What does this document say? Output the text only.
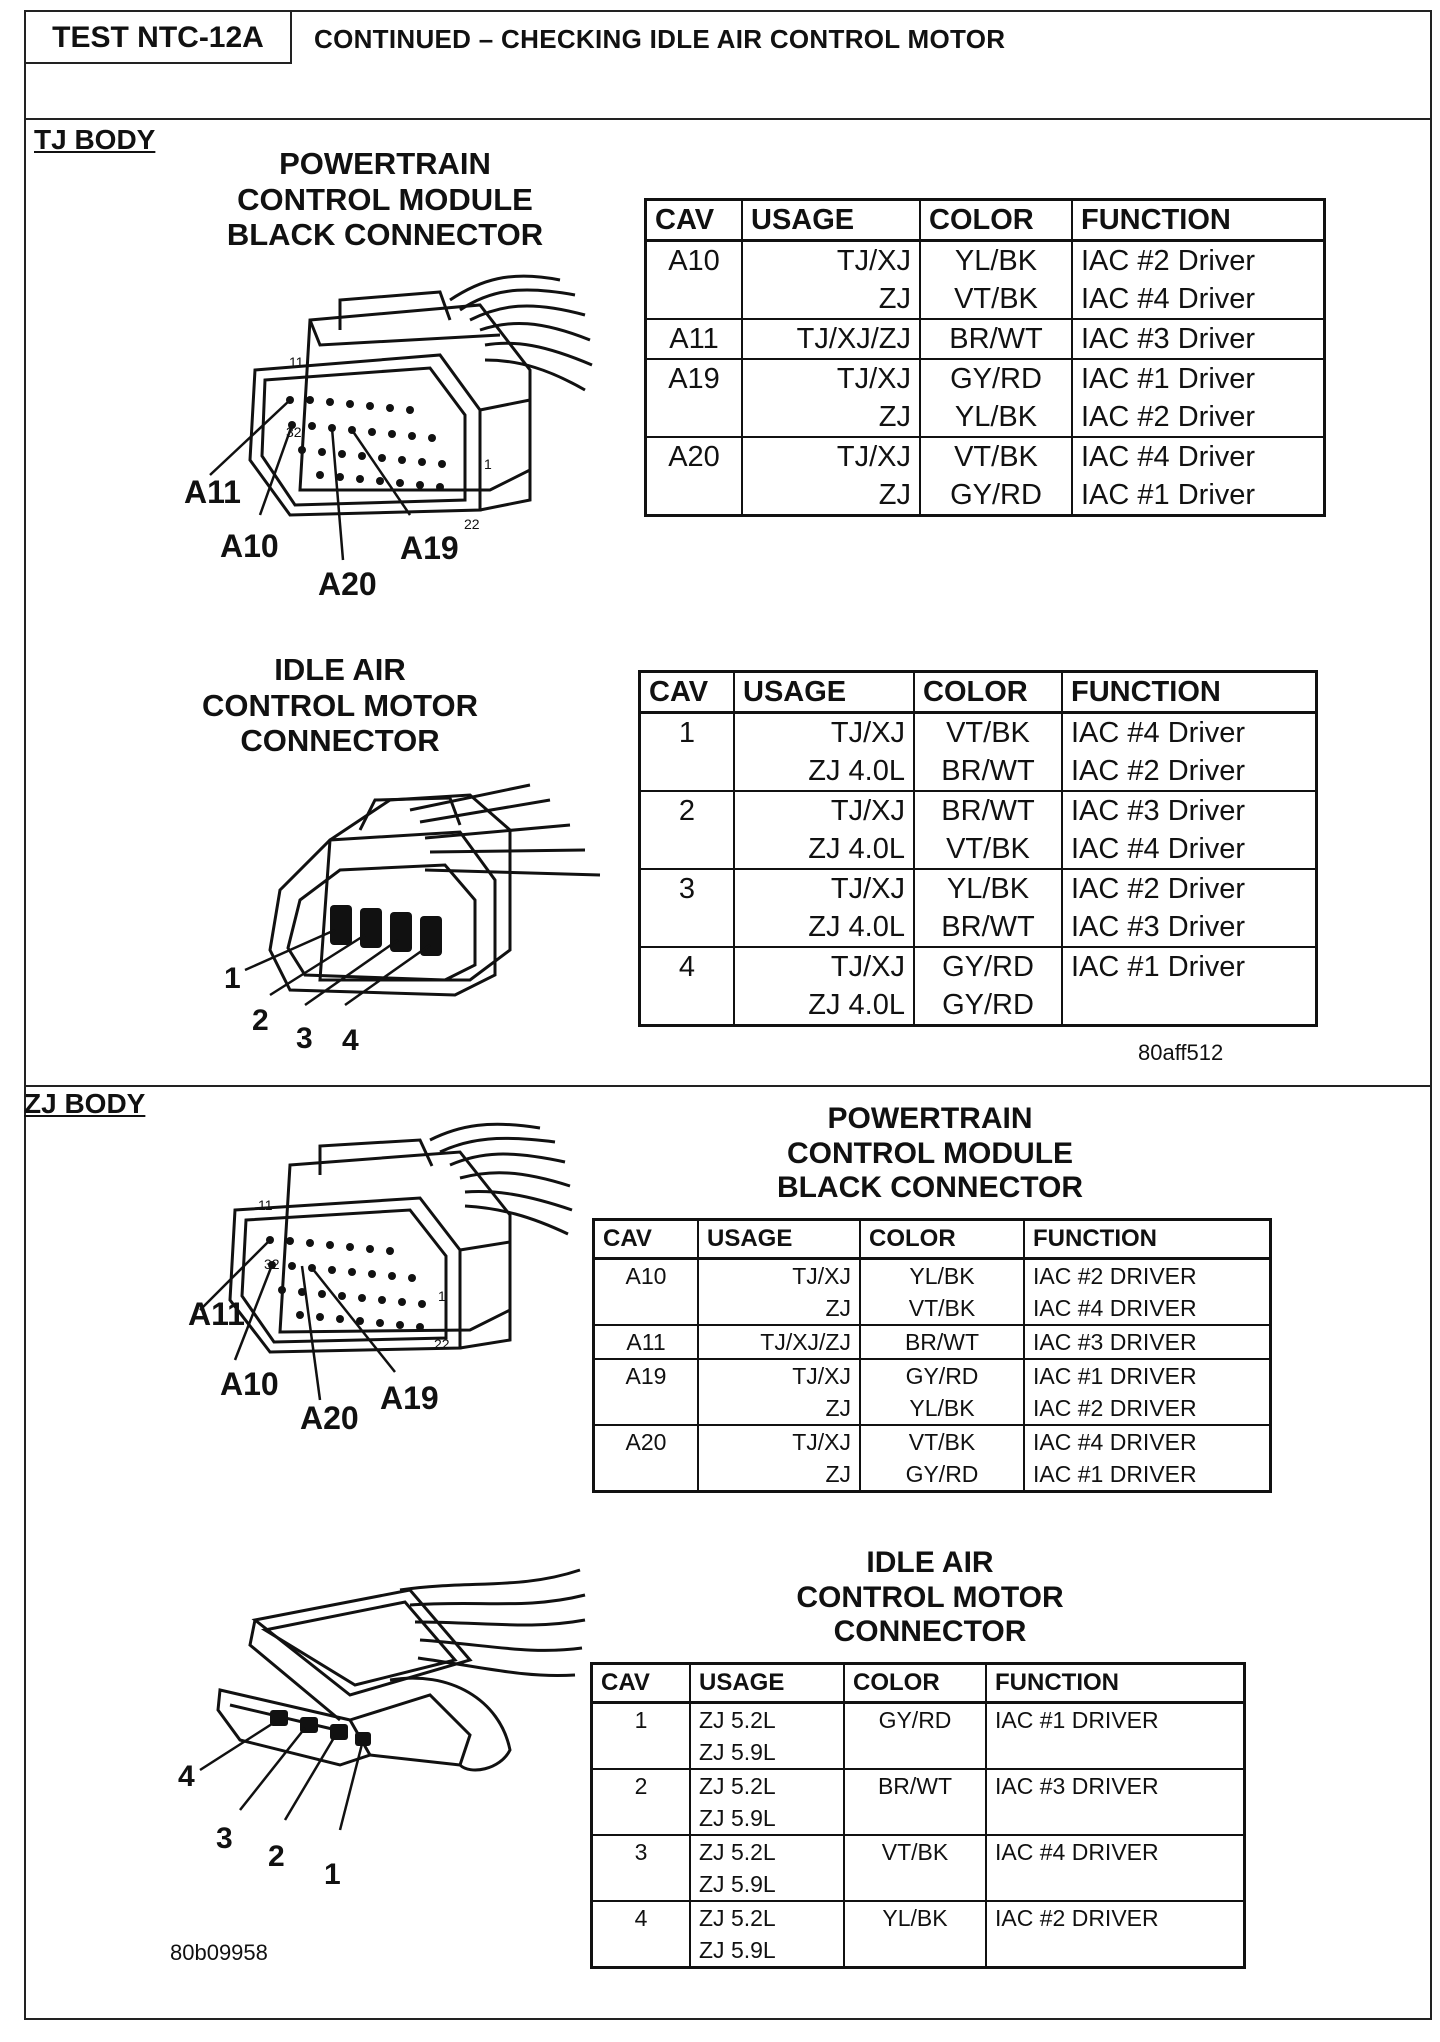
TEST NTC-12A	CONTINUED – CHECKING IDLE AIR CONTROL MOTOR
TJ BODY
POWERTRAIN
CONTROL MODULE
BLACK CONNECTOR
11
32
1
22
A11
A10
A20
A19
CAV	USAGE	COLOR	FUNCTION
A10	TJ/XJ	YL/BK	IAC #2 Driver
	ZJ	VT/BK	IAC #4 Driver
A11	TJ/XJ/ZJ	BR/WT	IAC #3 Driver
A19	TJ/XJ	GY/RD	IAC #1 Driver
	ZJ	YL/BK	IAC #2 Driver
A20	TJ/XJ	VT/BK	IAC #4 Driver
	ZJ	GY/RD	IAC #1 Driver
IDLE AIR
CONTROL MOTOR
CONNECTOR
1
2
3 4
CAV	USAGE	COLOR	FUNCTION
1	TJ/XJ	VT/BK	IAC #4 Driver
	ZJ 4.0L	BR/WT	IAC #2 Driver
2	TJ/XJ	BR/WT	IAC #3 Driver
	ZJ 4.0L	VT/BK	IAC #4 Driver
3	TJ/XJ	YL/BK	IAC #2 Driver
	ZJ 4.0L	BR/WT	IAC #3 Driver
4	TJ/XJ	GY/RD	IAC #1 Driver
	ZJ 4.0L	GY/RD	
80aff512
ZJ BODY	POWERTRAIN
CONTROL MODULE
BLACK CONNECTOR
11
32
1
22
A11
A10
A20
A19
CAV	USAGE	COLOR	FUNCTION
A10	TJ/XJ	YL/BK	IAC #2 DRIVER
	ZJ	VT/BK	IAC #4 DRIVER
A11	TJ/XJ/ZJ	BR/WT	IAC #3 DRIVER
A19	TJ/XJ	GY/RD	IAC #1 DRIVER
	ZJ	YL/BK	IAC #2 DRIVER
A20	TJ/XJ	VT/BK	IAC #4 DRIVER
	ZJ	GY/RD	IAC #1 DRIVER
IDLE AIR
CONTROL MOTOR
CONNECTOR
4
3
2
1
CAV	USAGE	COLOR	FUNCTION
1	ZJ 5.2L	GY/RD	IAC #1 DRIVER
	ZJ 5.9L		
2	ZJ 5.2L	BR/WT	IAC #3 DRIVER
	ZJ 5.9L		
3	ZJ 5.2L	VT/BK	IAC #4 DRIVER
	ZJ 5.9L		
4	ZJ 5.2L	YL/BK	IAC #2 DRIVER
	ZJ 5.9L		
80b09958
